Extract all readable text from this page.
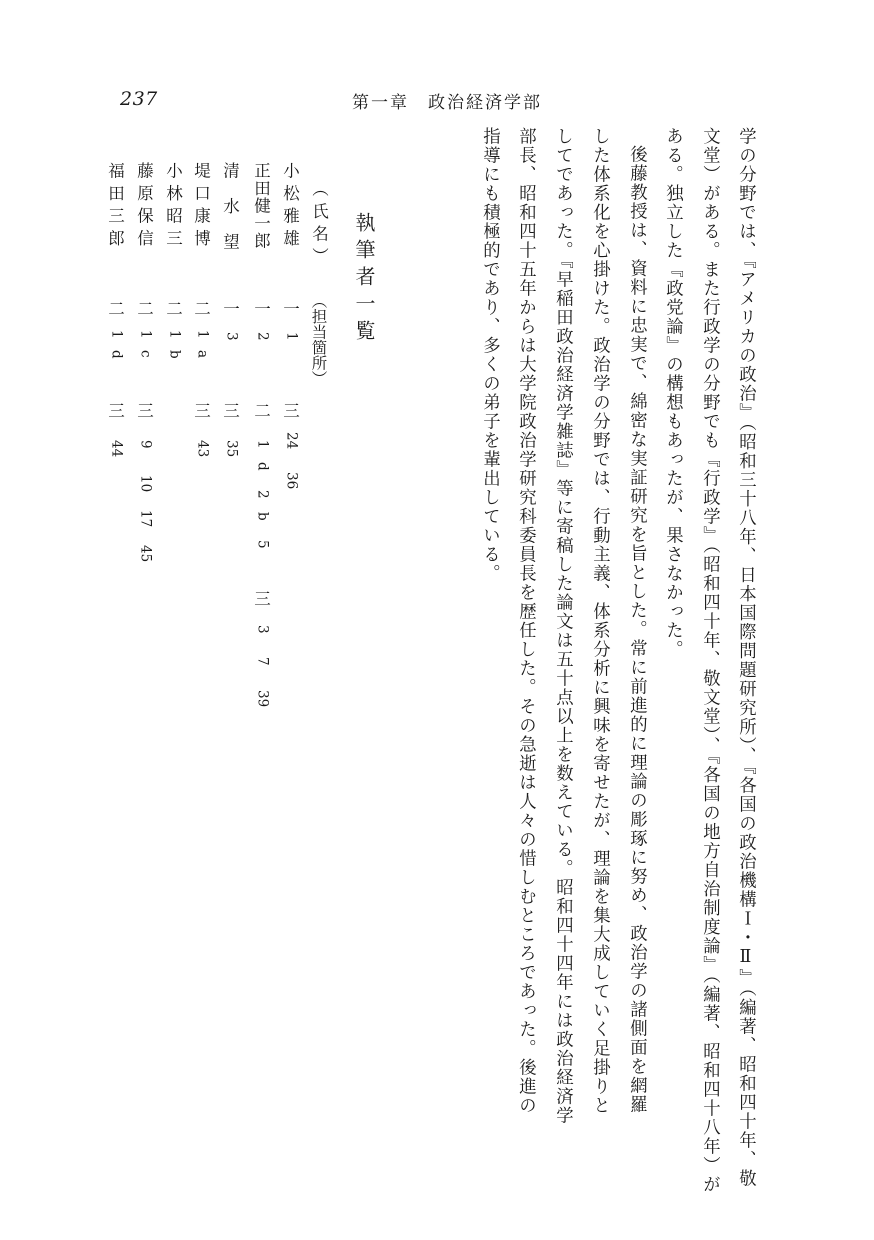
237	第一章　政治経済学部
学の分野では、『アメリカの政治』（昭和三十八年、日本国際問題研究所）、『各国の政治機構Ｉ・Ⅱ』（編著、昭和四十年、敬
文堂）がある。また行政学の分野でも『行政学』（昭和四十年、敬文堂）、『各国の地方自治制度論』（編著、昭和四十八年）が
ある。独立した『政党論』の構想もあったが、果さなかった。
後藤教授は、資料に忠実で、綿密な実証研究を旨とした。常に前進的に理論の彫琢に努め、政治学の諸側面を網羅
した体系化を心掛けた。政治学の分野では、行動主義、体系分析に興味を寄せたが、理論を集大成していく足掛りと
してであった。『早稲田政治経済学雑誌』等に寄稿した論文は五十点以上を数えている。昭和四十四年には政治経済学
部長、昭和四十五年からは大学院政治学研究科委員長を歴任した。その急逝は人々の惜しむところであった。後進の
指導にも積極的であり、多くの弟子を輩出している。
執筆者一覧
（氏名）
（担当箇所）
小松雅雄
一
1
三
24
36
正田健一郎
一
2
二
1
d
2
b
5
三
3
7
39
清水望
一
3
三
35
堤口康博
二
1
a
三
43
小林昭三
二
1
b
藤原保信
二
1
c
三
9
10
17
45
福田三郎
二
1
d
三
44
